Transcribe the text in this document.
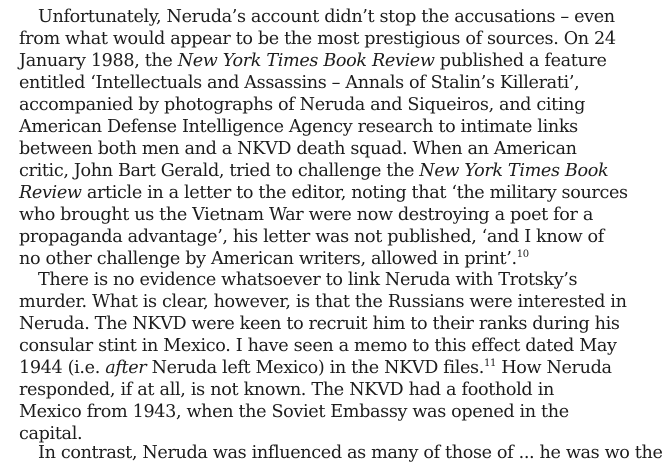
Unfortunately, Neruda’s account didn’t stop the accusations – even
from what would appear to be the most prestigious of sources. On 24
January 1988, the New York Times Book Review published a feature
entitled ‘Intellectuals and Assassins – Annals of Stalin’s Killerati’,
accompanied by photographs of Neruda and Siqueiros, and citing
American Defense Intelligence Agency research to intimate links
between both men and a NKVD death squad. When an American
critic, John Bart Gerald, tried to challenge the New York Times Book
Review article in a letter to the editor, noting that ‘the military sources
who brought us the Vietnam War were now destroying a poet for a
propaganda advantage’, his letter was not published, ‘and I know of
no other challenge by American writers, allowed in print’.$^{10}$
There is no evidence whatsoever to link Neruda with Trotsky’s
murder. What is clear, however, is that the Russians were interested in
Neruda. The NKVD were keen to recruit him to their ranks during his
consular stint in Mexico. I have seen a memo to this effect dated May
1944 (i.e. after Neruda left Mexico) in the NKVD files.$^{11}$ How Neruda
responded, if at all, is not known. The NKVD had a foothold in
Mexico from 1943, when the Soviet Embassy was opened in the
capital.
In contrast, Neruda was influenced as many of those of ... he was wo the
